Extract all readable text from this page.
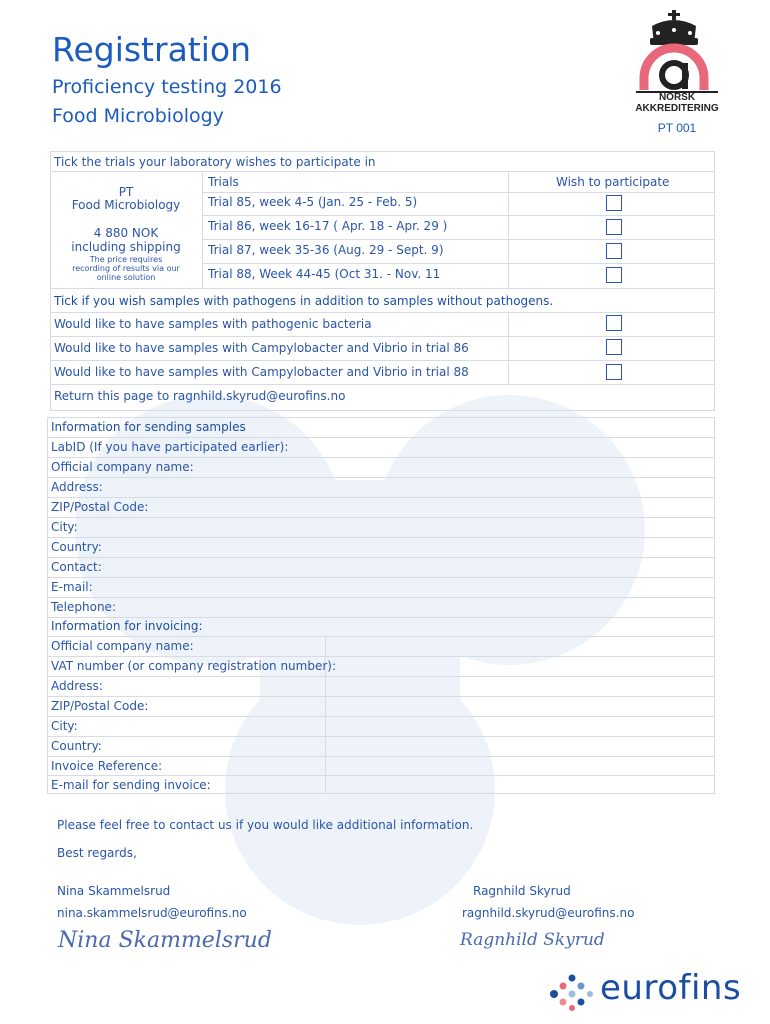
Registration
Proficiency testing 2016
Food Microbiology
NORSK
AKKREDITERING
PT 001
Tick the trials your laboratory wishes to participate in
Trials	Wish to participate
PT
Food Microbiology
4 880 NOK
including shipping
The price requires recording of results via our online solution
Trial 85, week 4-5 (Jan. 25 - Feb. 5)
Trial 86, week 16-17 ( Apr. 18 - Apr. 29 )
Trial 87, week 35-36 (Aug. 29 - Sept. 9)
Trial 88, Week 44-45 (Oct 31. - Nov. 11
Tick if you wish samples with pathogens in addition to samples without pathogens.
Would like to have samples with pathogenic bacteria
Would like to have samples with Campylobacter and Vibrio in trial 86
Would like to have samples with Campylobacter and Vibrio in trial 88
Return this page to ragnhild.skyrud@eurofins.no
Information for sending samples
LabID (If you have participated earlier):
Official company name:
Address:
ZIP/Postal Code:
City:
Country:
Contact:
E-mail:
Telephone:
Information for invoicing:
Official company name:
VAT number (or company registration number):
Address:
ZIP/Postal Code:
City:
Country:
Invoice Reference:
E-mail for sending invoice:
Please feel free to contact us if you would like additional information.
Best regards,
Nina Skammelsrud
nina.skammelsrud@eurofins.no
Ragnhild Skyrud
ragnhild.skyrud@eurofins.no
Nina Skammelsrud	Ragnhild Skyrud
eurofins
